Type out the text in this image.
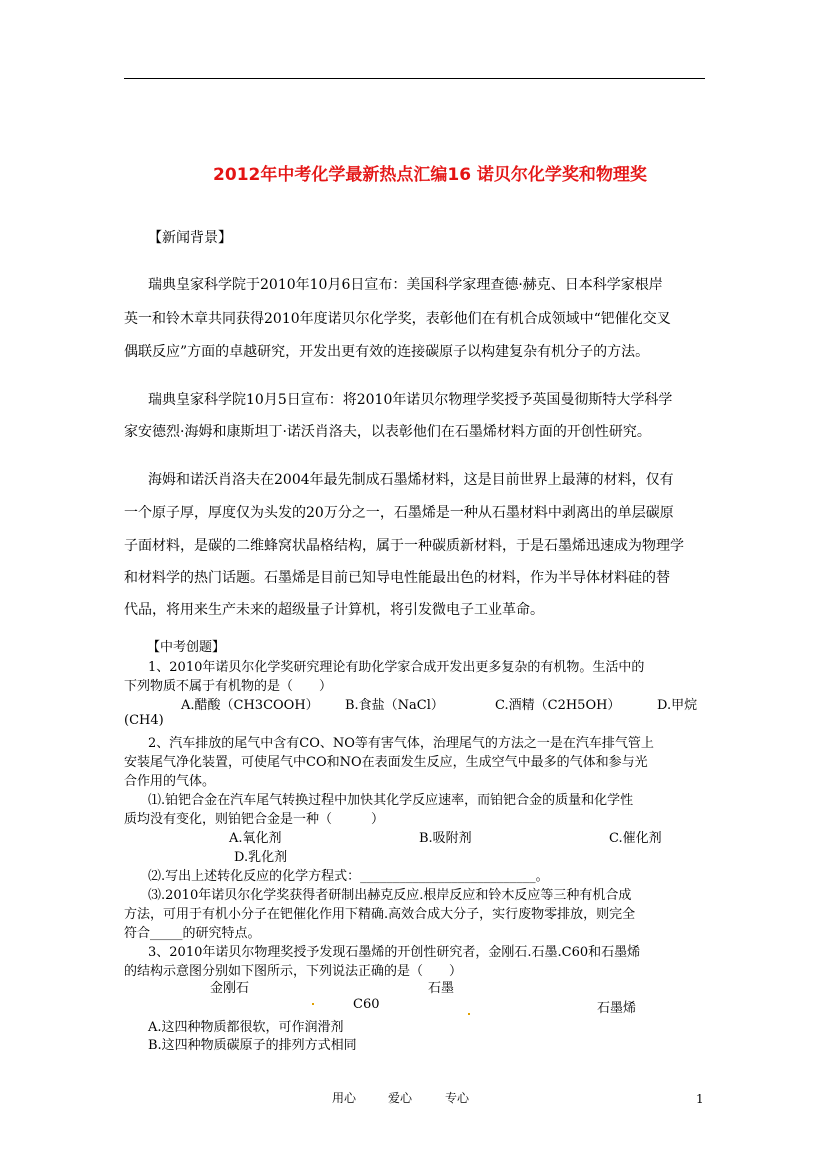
2012年中考化学最新热点汇编16 诺贝尔化学奖和物理奖
【新闻背景】
瑞典皇家科学院于2010年10月6日宣布：美国科学家理查德·赫克、日本科学家根岸
英一和铃木章共同获得2010年度诺贝尔化学奖，表彰他们在有机合成领域中“钯催化交叉
偶联反应”方面的卓越研究，开发出更有效的连接碳原子以构建复杂有机分子的方法。
瑞典皇家科学院10月5日宣布：将2010年诺贝尔物理学奖授予英国曼彻斯特大学科学
家安德烈·海姆和康斯坦丁·诺沃肖洛夫，以表彰他们在石墨烯材料方面的开创性研究。
海姆和诺沃肖洛夫在2004年最先制成石墨烯材料，这是目前世界上最薄的材料，仅有
一个原子厚，厚度仅为头发的20万分之一，石墨烯是一种从石墨材料中剥离出的单层碳原
子面材料，是碳的二维蜂窝状晶格结构，属于一种碳质新材料，于是石墨烯迅速成为物理学
和材料学的热门话题。石墨烯是目前已知导电性能最出色的材料，作为半导体材料硅的替
代品，将用来生产未来的超级量子计算机，将引发微电子工业革命。
【中考创题】
1、2010年诺贝尔化学奖研究理论有助化学家合成开发出更多复杂的有机物。生活中的
下列物质不属于有机物的是（　　）
A.醋酸（CH3COOH） B.食盐（NaCl）	C.酒精（C2H5OH）	D.甲烷
(CH4)
2、汽车排放的尾气中含有CO、NO等有害气体，治理尾气的方法之一是在汽车排气管上
安装尾气净化装置，可使尾气中CO和NO在表面发生反应，生成空气中最多的气体和参与光
合作用的气体。
⑴.铂钯合金在汽车尾气转换过程中加快其化学反应速率，而铂钯合金的质量和化学性
质均没有变化，则铂钯合金是一种（　　　）
A.氧化剂	B.吸附剂	C.催化剂
D.乳化剂
⑵.写出上述转化反应的化学方程式：___________________________。
⑶.2010年诺贝尔化学奖获得者研制出赫克反应.根岸反应和铃木反应等三种有机合成
方法，可用于有机小分子在钯催化作用下精确.高效合成大分子，实行废物零排放，则完全
符合_____的研究特点。
3、2010年诺贝尔物理奖授予发现石墨烯的开创性研究者，金刚石.石墨.C60和石墨烯
的结构示意图分别如下图所示，下列说法正确的是（　　）
金刚石	石墨
C60	石墨烯
A.这四种物质都很软，可作润滑剂
B.这四种物质碳原子的排列方式相同
用心	爱心	专心	1
